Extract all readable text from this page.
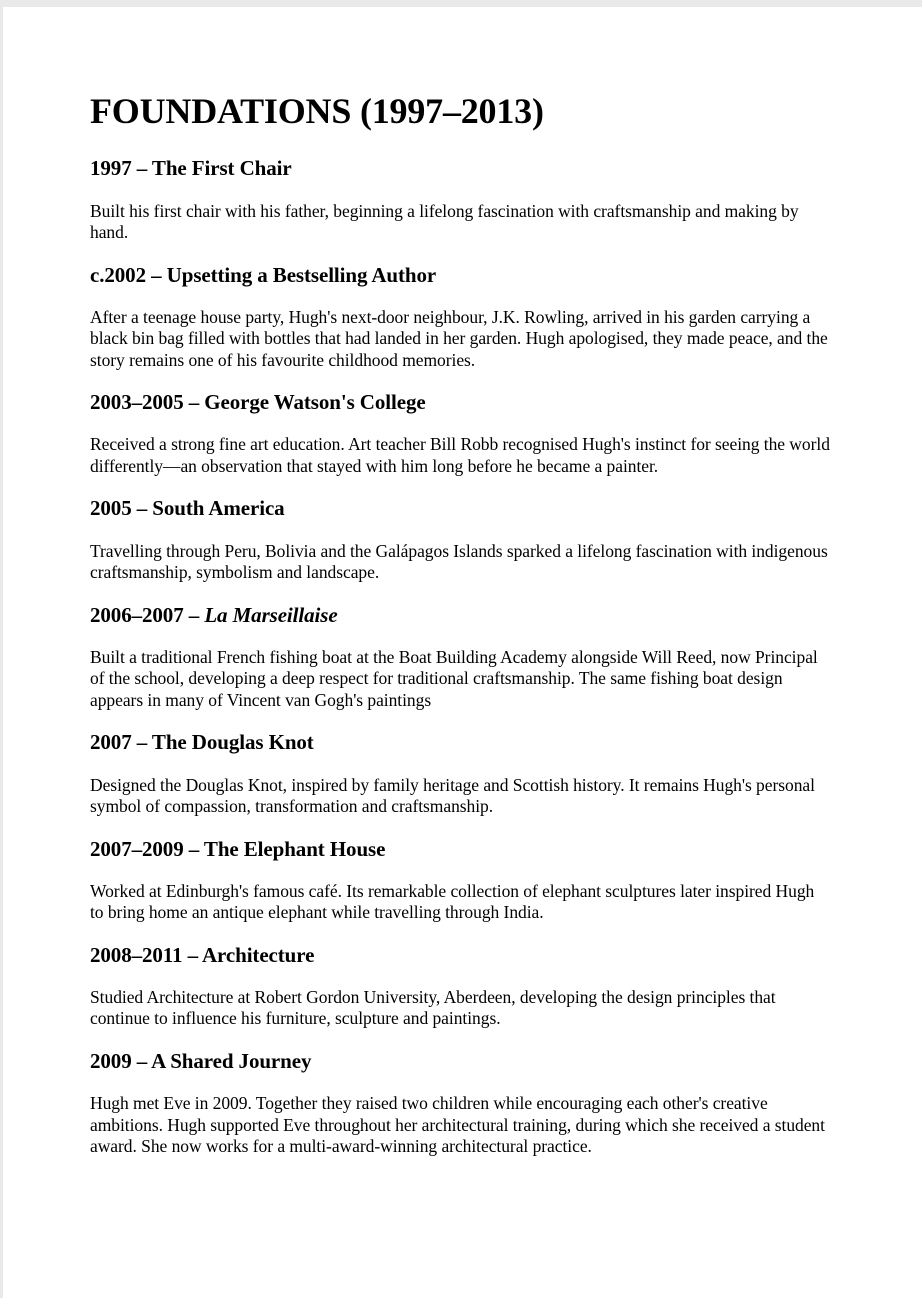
FOUNDATIONS (1997–2013)
1997 – The First Chair

Built his first chair with his father, beginning a lifelong fascination with craftsmanship and making by hand.

c.2002 – Upsetting a Bestselling Author

After a teenage house party, Hugh's next-door neighbour, J.K. Rowling, arrived in his garden carrying a black bin bag filled with bottles that had landed in her garden. Hugh apologised, they made peace, and the story remains one of his favourite childhood memories.

2003–2005 – George Watson's College

Received a strong fine art education. Art teacher Bill Robb recognised Hugh's instinct for seeing the world differently—an observation that stayed with him long before he became a painter.

2005 – South America

Travelling through Peru, Bolivia and the Galápagos Islands sparked a lifelong fascination with indigenous craftsmanship, symbolism and landscape.

2006–2007 – La Marseillaise

Built a traditional French fishing boat at the Boat Building Academy alongside Will Reed, now Principal of the school, developing a deep respect for traditional craftsmanship. The same fishing boat design appears in many of Vincent van Gogh's paintings

2007 – The Douglas Knot

Designed the Douglas Knot, inspired by family heritage and Scottish history. It remains Hugh's personal symbol of compassion, transformation and craftsmanship.

2007–2009 – The Elephant House

Worked at Edinburgh's famous café. Its remarkable collection of elephant sculptures later inspired Hugh to bring home an antique elephant while travelling through India.

2008–2011 – Architecture

Studied Architecture at Robert Gordon University, Aberdeen, developing the design principles that continue to influence his furniture, sculpture and paintings.

2009 – A Shared Journey

Hugh met Eve in 2009. Together they raised two children while encouraging each other's creative ambitions. Hugh supported Eve throughout her architectural training, during which she received a student award. She now works for a multi-award-winning architectural practice.
